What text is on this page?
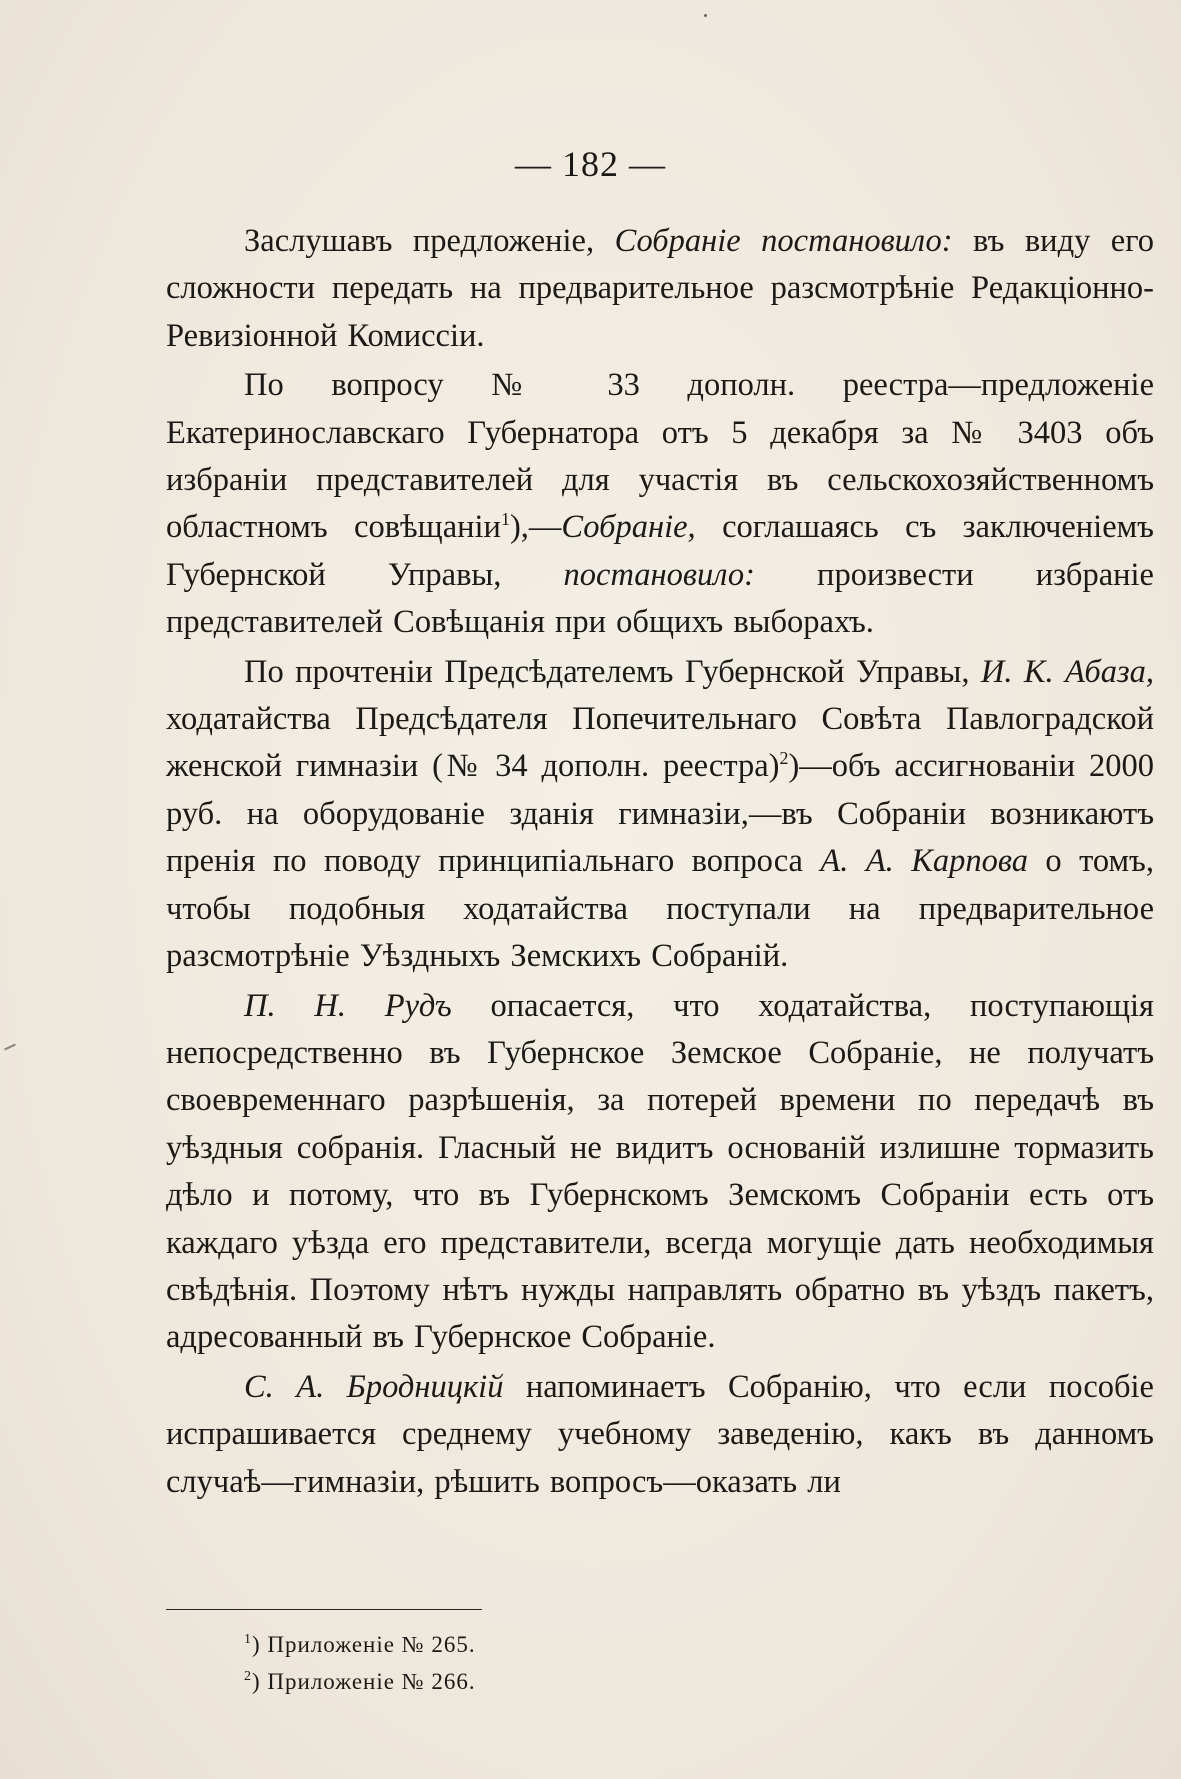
— 182 —

Заслушавъ предложеніе, Собраніе постановило: въ виду его сложности передать на предварительное разсмотрѣніе Редакціонно-Ревизіонной Комиссіи.

По вопросу № 33 дополн. реестра—предложеніе Екатеринославскаго Губернатора отъ 5 декабря за № 3403 объ избраніи представителей для участія въ сельскохозяйственномъ областномъ совѣщаніи$^1$),—Собраніе, соглашаясь съ заключеніемъ Губернской Управы, постановило: произвести избраніе представителей Совѣщанія при общихъ выборахъ.

По прочтеніи Предсѣдателемъ Губернской Управы, И. К. Абаза, ходатайства Предсѣдателя Попечительнаго Совѣта Павлоградской женской гимназіи (№ 34 дополн. реестра)$^2$)—объ ассигнованіи 2000 руб. на оборудованіе зданія гимназіи,—въ Собраніи возникаютъ пренія по поводу принципіальнаго вопроса А. А. Карпова о томъ, чтобы подобныя ходатайства поступали на предварительное разсмотрѣніе Уѣздныхъ Земскихъ Собраній.

П. Н. Рудъ опасается, что ходатайства, поступающія непосредственно въ Губернское Земское Собраніе, не получатъ своевременнаго разрѣшенія, за потерей времени по передачѣ въ уѣздныя собранія. Гласный не видитъ основаній излишне тормазить дѣло и потому, что въ Губернскомъ Земскомъ Собраніи есть отъ каждаго уѣзда его представители, всегда могущіе дать необходимыя свѣдѣнія. Поэтому нѣтъ нужды направлять обратно въ уѣздъ пакетъ, адресованный въ Губернское Собраніе.

С. А. Бродницкій напоминаетъ Собранію, что если пособіе испрашивается среднему учебному заведенію, какъ въ данномъ случаѣ—гимназіи, рѣшить вопросъ—оказать ли

$^1$) Приложеніе № 265.
$^2$) Приложеніе № 266.
